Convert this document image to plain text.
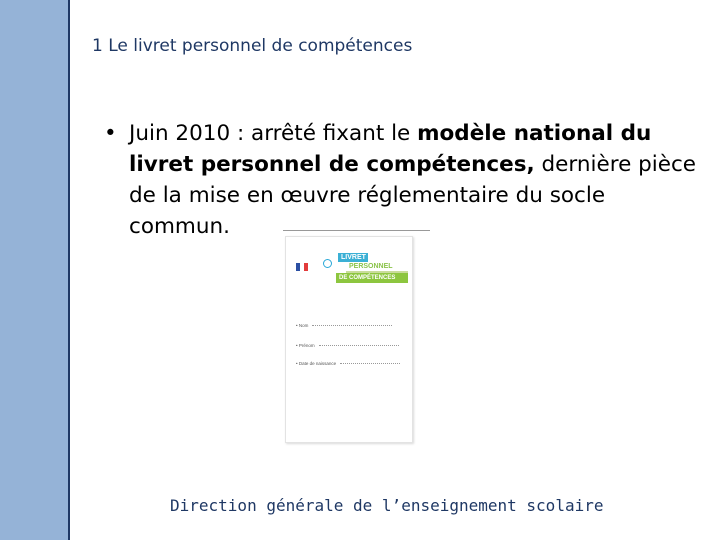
1 Le livret personnel de compétences
• Juin 2010 : arrêté fixant le modèle national du livret personnel de compétences, dernière pièce de la mise en œuvre réglementaire du socle commun.
LIVRET
PERSONNEL
DE COMPÉTENCES
• Nom
• Prénom
• Date de naissance
Direction générale de l’enseignement scolaire
